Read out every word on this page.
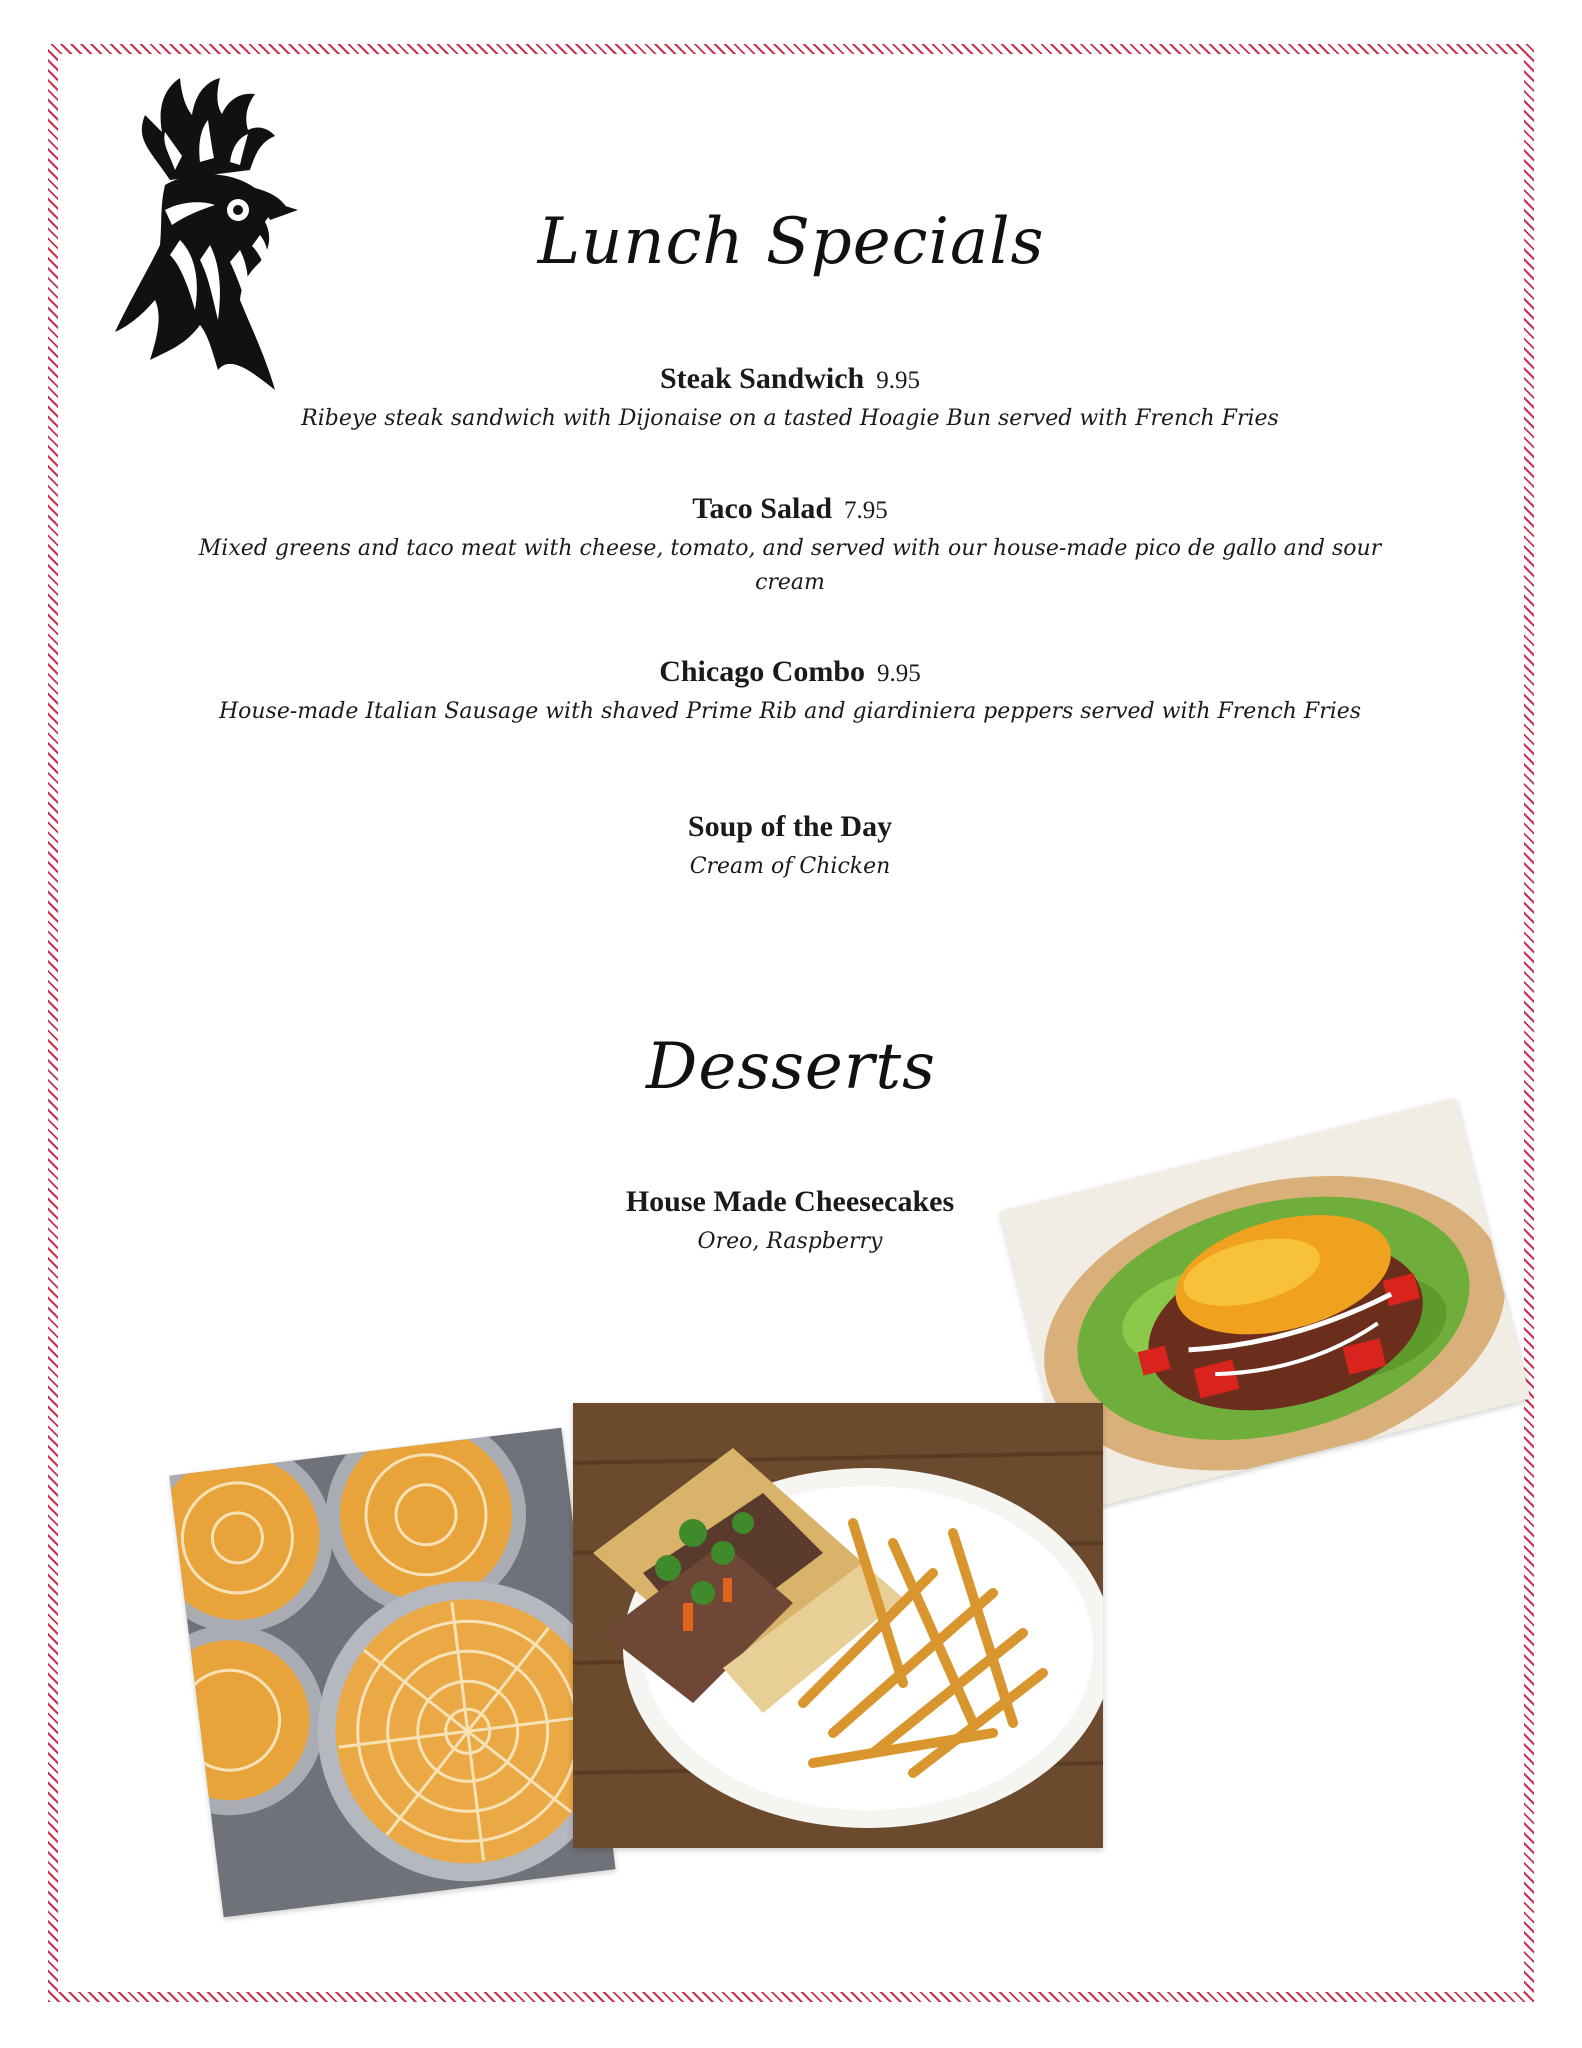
Lunch Specials
Steak Sandwich 9.95
Ribeye steak sandwich with Dijonaise on a tasted Hoagie Bun served with French Fries
Taco Salad 7.95
Mixed greens and taco meat with cheese, tomato, and served with our house-made pico de gallo and sour cream
Chicago Combo 9.95
House-made Italian Sausage with shaved Prime Rib and giardiniera peppers served with French Fries
Soup of the Day
Cream of Chicken
Desserts
House Made Cheesecakes
Oreo, Raspberry
